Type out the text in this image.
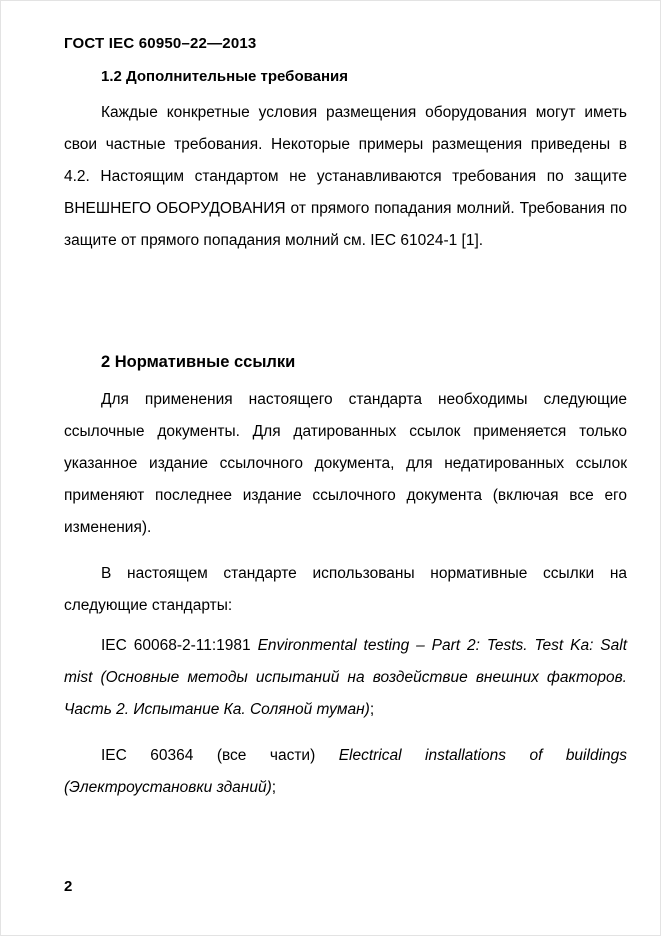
ГОСТ IEC 60950–22—2013
1.2 Дополнительные требования

Каждые конкретные условия размещения оборудования могут иметь свои частные требования. Некоторые примеры размещения приведены в 4.2. Настоящим стандартом не устанавливаются требования по защите ВНЕШНЕГО ОБОРУДОВАНИЯ от прямого попадания молний. Требования по защите от прямого попадания молний см. IEC 61024-1 [1].

2 Нормативные ссылки

Для применения настоящего стандарта необходимы следующие ссылочные документы. Для датированных ссылок применяется только указанное издание ссылочного документа, для недатированных ссылок применяют последнее издание ссылочного документа (включая все его изменения).

В настоящем стандарте использованы нормативные ссылки на следующие стандарты:

IEC 60068-2-11:1981 Environmental testing – Part 2: Tests. Test Ka: Salt mist (Основные методы испытаний на воздействие внешних факторов. Часть 2. Испытание Ка. Соляной туман);

IEC 60364 (все части) Electrical installations of buildings (Электроустановки зданий);

2
